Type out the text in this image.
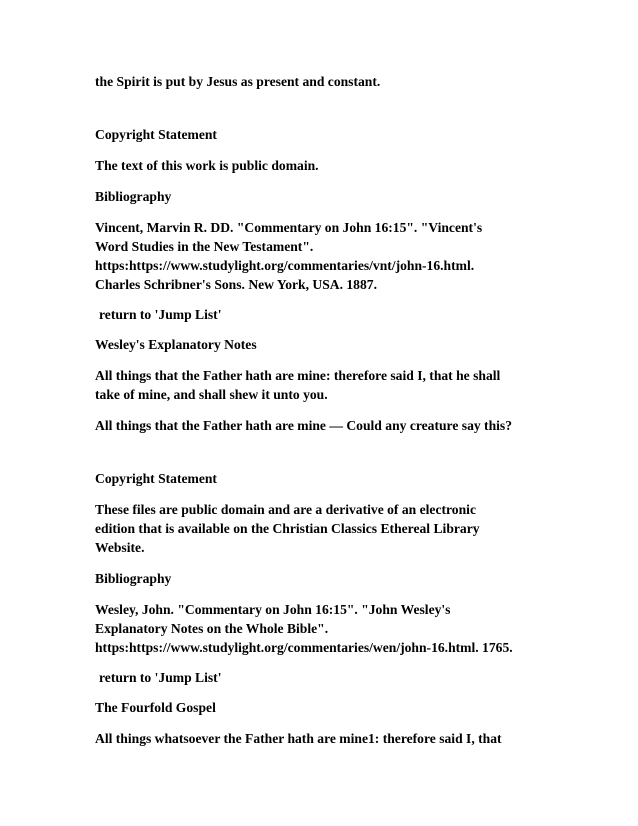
the Spirit is put by Jesus as present and constant.

Copyright Statement

The text of this work is public domain.

Bibliography

Vincent, Marvin R. DD. "Commentary on John 16:15". "Vincent's
Word Studies in the New Testament".
https:https://www.studylight.org/commentaries/vnt/john-16.html.
Charles Schribner's Sons. New York, USA. 1887.

return to 'Jump List'

Wesley's Explanatory Notes

All things that the Father hath are mine: therefore said I, that he shall
take of mine, and shall shew it unto you.

All things that the Father hath are mine — Could any creature say this?

Copyright Statement

These files are public domain and are a derivative of an electronic
edition that is available on the Christian Classics Ethereal Library
Website.

Bibliography

Wesley, John. "Commentary on John 16:15". "John Wesley's
Explanatory Notes on the Whole Bible".
https:https://www.studylight.org/commentaries/wen/john-16.html. 1765.

return to 'Jump List'

The Fourfold Gospel

All things whatsoever the Father hath are mine1: therefore said I, that
